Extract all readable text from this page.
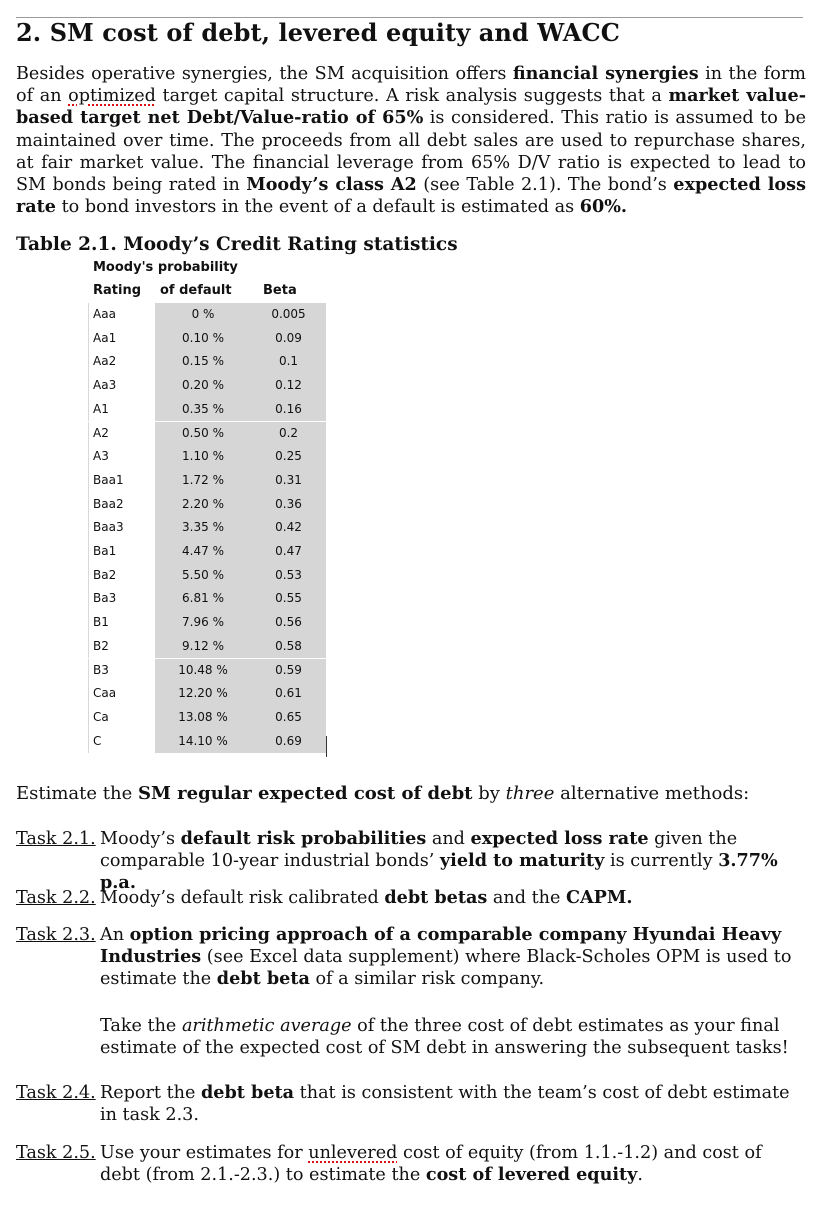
2. SM cost of debt, levered equity and WACC

Besides operative synergies, the SM acquisition offers financial synergies in the form of an optimized target capital structure. A risk analysis suggests that a market value-based target net Debt/Value-ratio of 65% is considered. This ratio is assumed to be maintained over time. The proceeds from all debt sales are used to repurchase shares, at fair market value. The financial leverage from 65% D/V ratio is expected to lead to SM bonds being rated in Moody’s class A2 (see Table 2.1). The bond’s expected loss rate to bond investors in the event of a default is estimated as 60%.

Table 2.1. Moody’s Credit Rating statistics
Moody's probability
Rating of default Beta
Aaa	0 %	0.005
Aa1	0.10 %	0.09
Aa2	0.15 %	0.1
Aa3	0.20 %	0.12
A1	0.35 %	0.16
A2	0.50 %	0.2
A3	1.10 %	0.25
Baa1	1.72 %	0.31
Baa2	2.20 %	0.36
Baa3	3.35 %	0.42
Ba1	4.47 %	0.47
Ba2	5.50 %	0.53
Ba3	6.81 %	0.55
B1	7.96 %	0.56
B2	9.12 %	0.58
B3	10.48 %	0.59
Caa	12.20 %	0.61
Ca	13.08 %	0.65
C	14.10 %	0.69

Estimate the SM regular expected cost of debt by three alternative methods:

Task 2.1. Moody’s default risk probabilities and expected loss rate given the comparable 10-year industrial bonds’ yield to maturity is currently 3.77% p.a.
Task 2.2. Moody’s default risk calibrated debt betas and the CAPM.
Task 2.3. An option pricing approach of a comparable company Hyundai Heavy Industries (see Excel data supplement) where Black-Scholes OPM is used to estimate the debt beta of a similar risk company.

Take the arithmetic average of the three cost of debt estimates as your final estimate of the expected cost of SM debt in answering the subsequent tasks!

Task 2.4. Report the debt beta that is consistent with the team’s cost of debt estimate in task 2.3.
Task 2.5. Use your estimates for unlevered cost of equity (from 1.1.-1.2) and cost of debt (from 2.1.-2.3.) to estimate the cost of levered equity.
